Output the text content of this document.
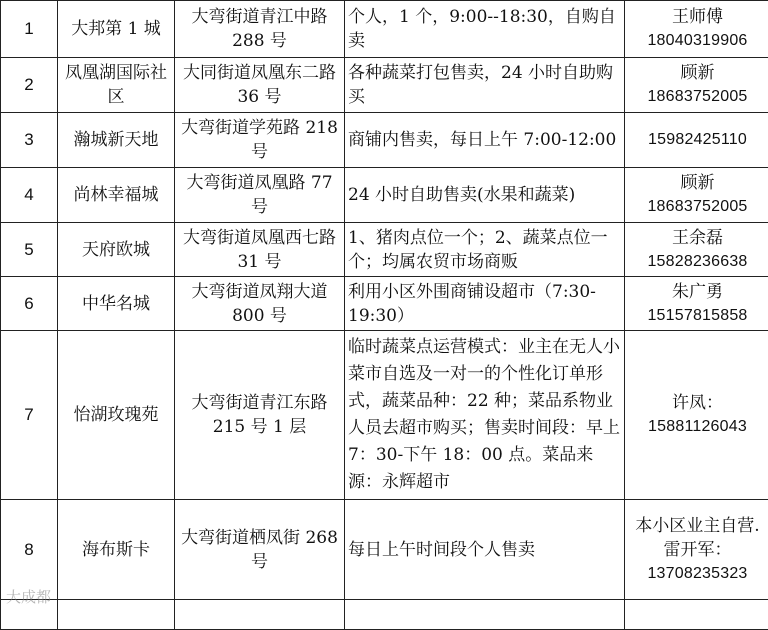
1	大邦第 1 城	大弯街道青江中路 288 号	个人，1 个，9:00--18:30，自购自卖	王师傅
18040319906

2	凤凰湖国际社区	大同街道凤凰东二路 36 号	各种蔬菜打包售卖，24 小时自助购买	顾新
18683752005

3	瀚城新天地	大弯街道学苑路 218 号	商铺内售卖，每日上午 7:00-12:00	15982425110

4	尚林幸福城	大弯街道凤凰路 77 号	24 小时自助售卖(水果和蔬菜)	顾新
18683752005

5	天府欧城	大弯街道凤凰西七路 31 号	1、猪肉点位一个；2、蔬菜点位一个；均属农贸市场商贩	王余磊
15828236638

6	中华名城	大弯街道凤翔大道 800 号	利用小区外围商铺设超市（7:30-19:30）	朱广勇
15157815858

7	怡湖玫瑰苑	大弯街道青江东路 215 号 1 层	临时蔬菜点运营模式：业主在无人小菜市自选及一对一的个性化订单形式，蔬菜品种：22 种；菜品系物业人员去超市购买；售卖时间段：早上 7：30-下午 18：00 点。菜品来源：永辉超市	许凤：
15881126043

8	海布斯卡	大弯街道栖凤街 268 号	每日上午时间段个人售卖	本小区业主自营. 雷开军：
13708235323

大成都
